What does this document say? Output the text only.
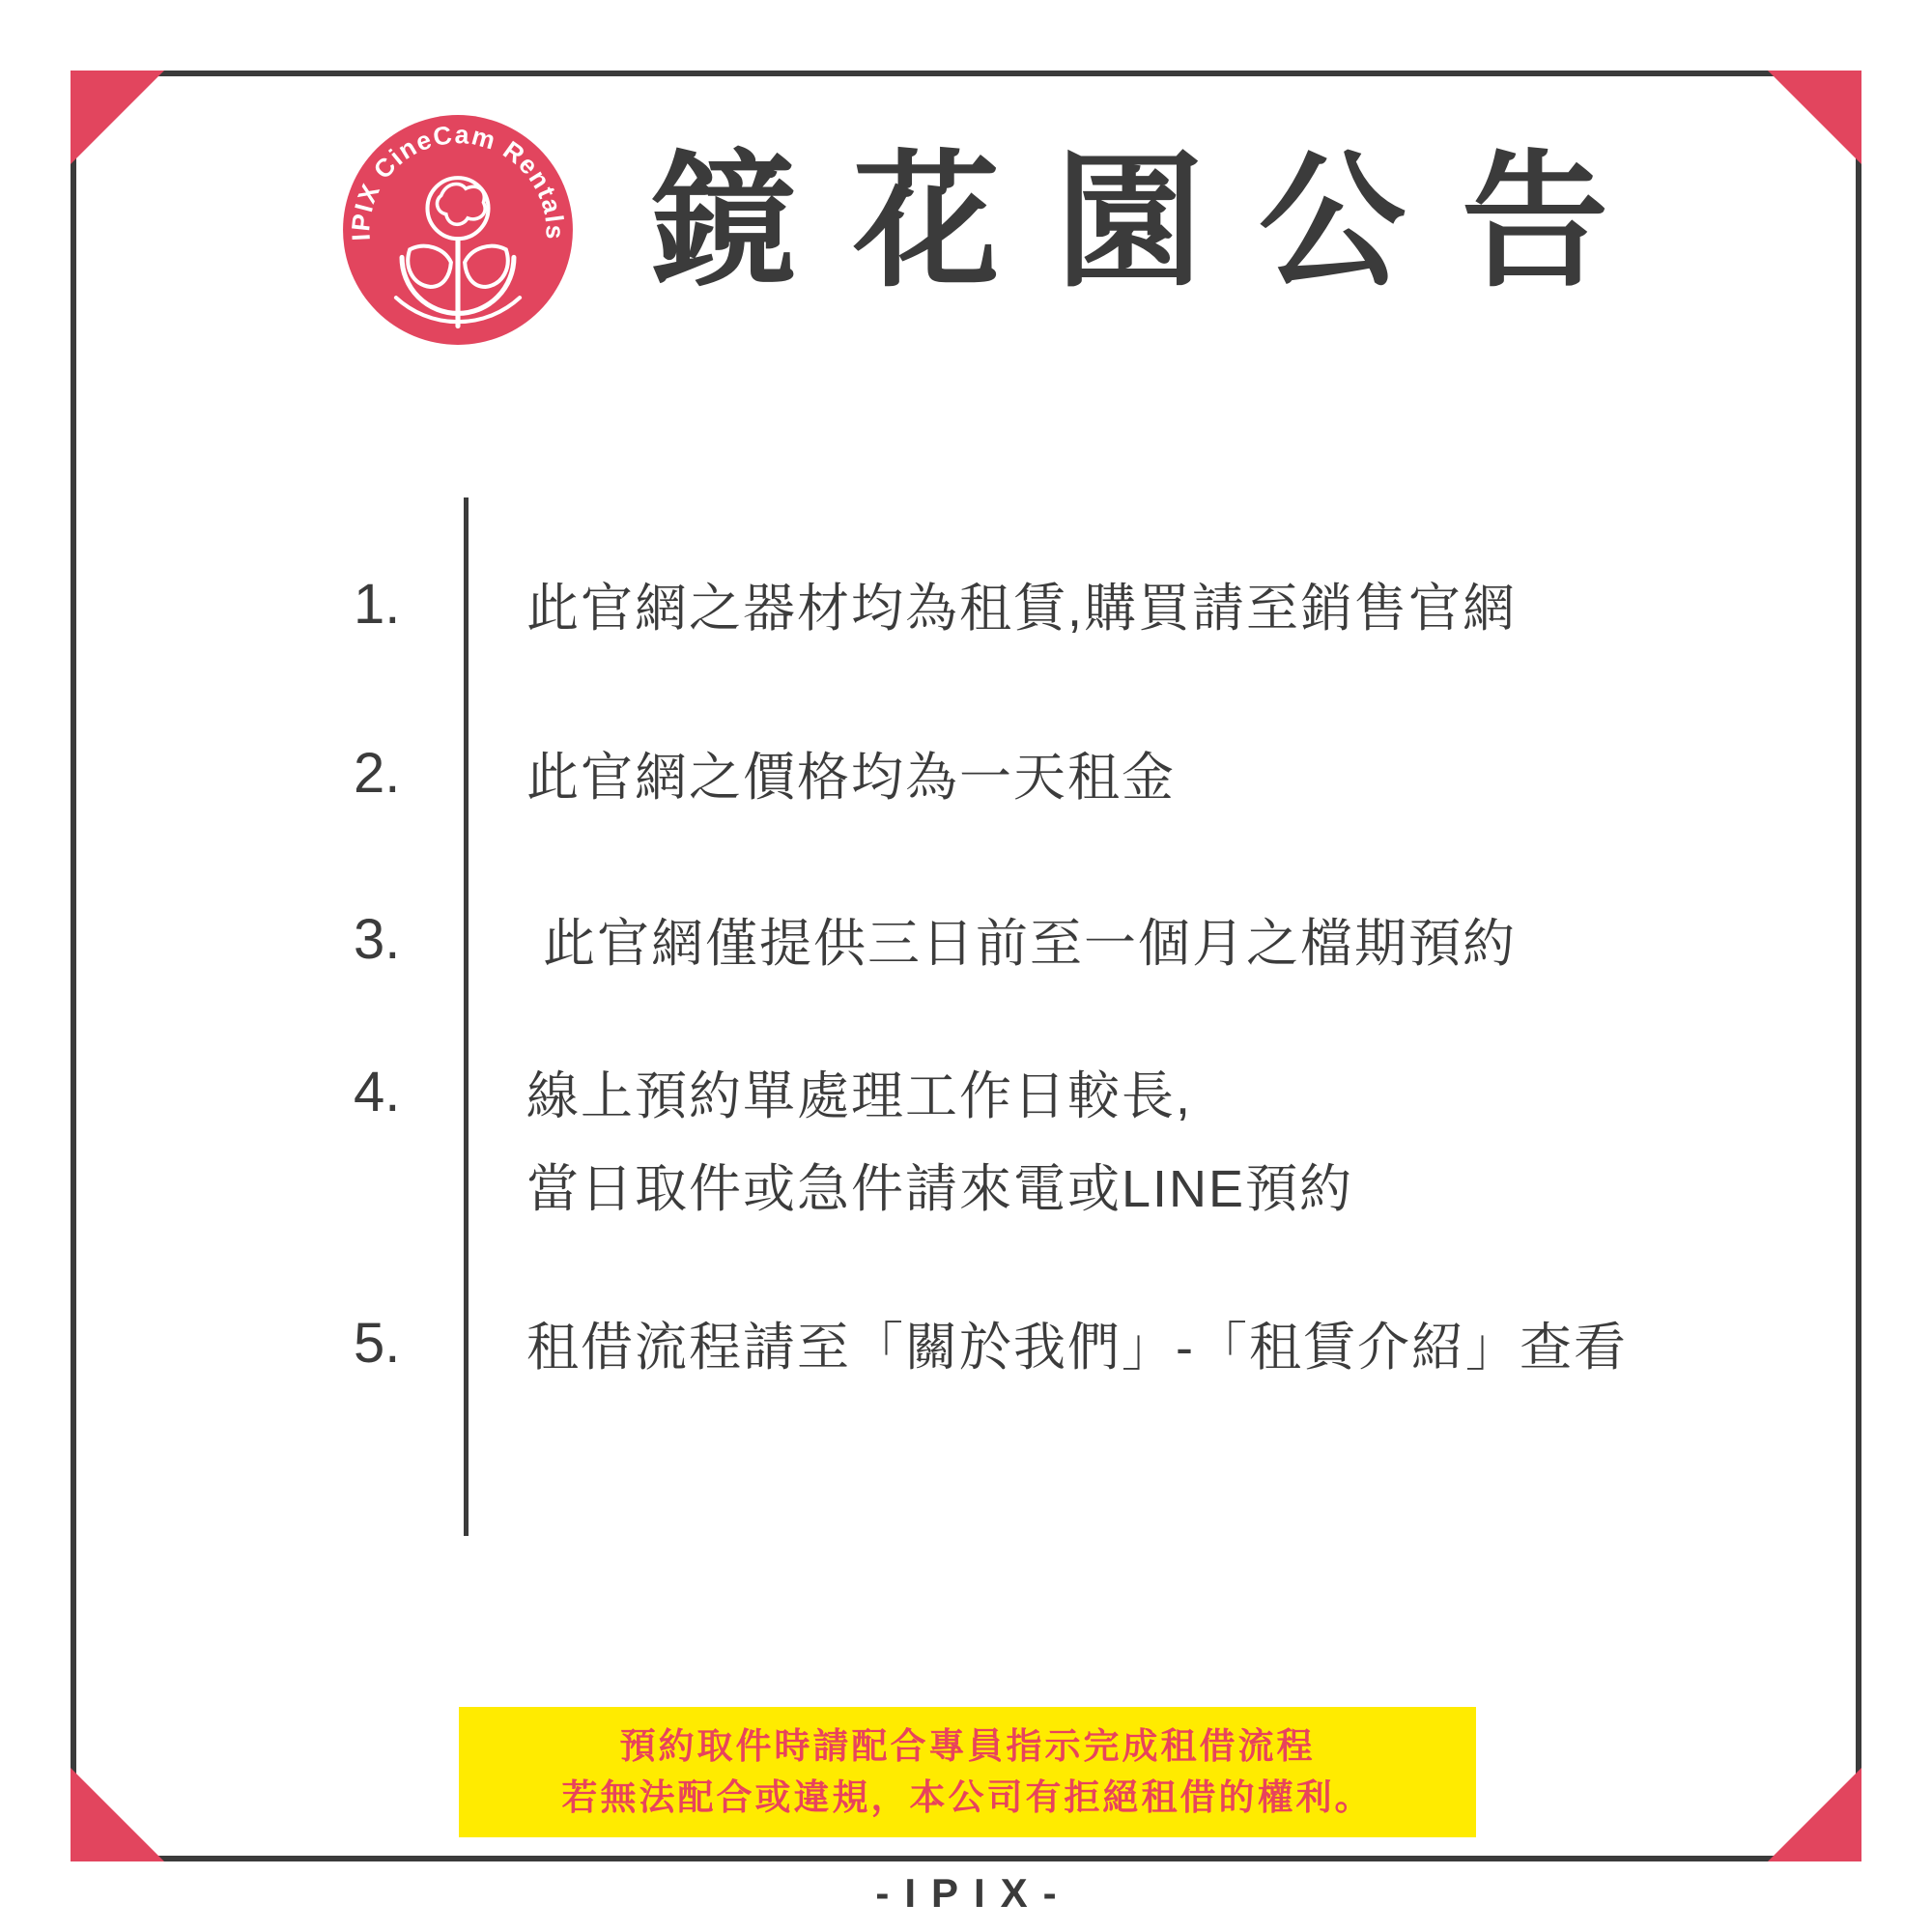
IPIX CineCam Rentals 鏡花園公告
1.	此官網之器材均為租賃,購買請至銷售官網
2.	此官網之價格均為一天租金
3.	此官網僅提供三日前至一個月之檔期預約
4.	線上預約單處理工作日較長,
當日取件或急件請來電或LINE預約
5.	租借流程請至「關於我們」-「租賃介紹」查看
預約取件時請配合專員指示完成租借流程
若無法配合或違規，本公司有拒絕租借的權利。
-IPIX-
